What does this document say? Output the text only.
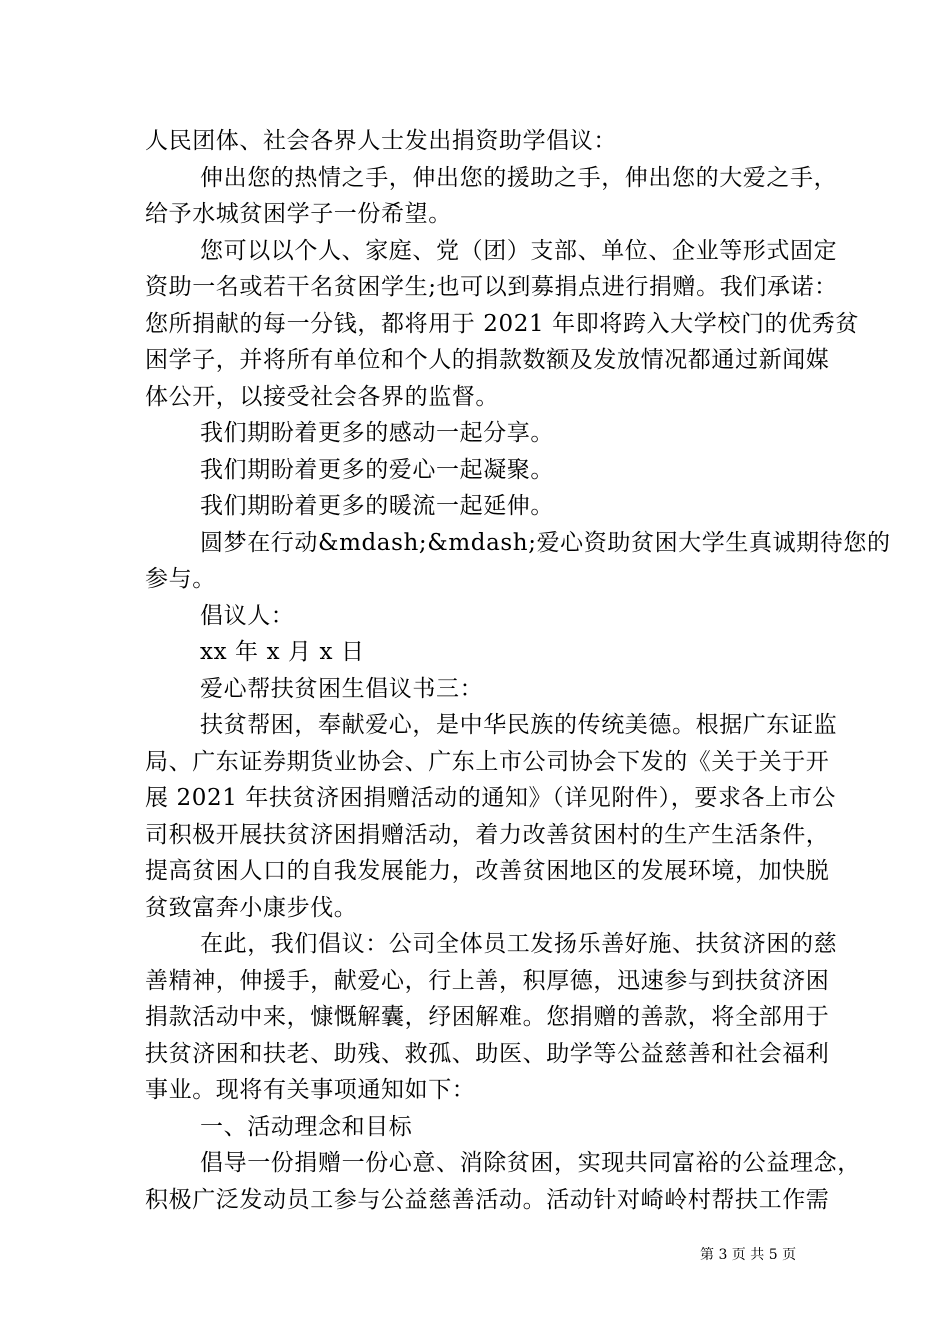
人民团体、社会各界人士发出捐资助学倡议：
伸出您的热情之手，伸出您的援助之手，伸出您的大爱之手，
给予水城贫困学子一份希望。
您可以以个人、家庭、党（团）支部、单位、企业等形式固定
资助一名或若干名贫困学生;也可以到募捐点进行捐赠。我们承诺：
您所捐献的每一分钱，都将用于 2021 年即将跨入大学校门的优秀贫
困学子，并将所有单位和个人的捐款数额及发放情况都通过新闻媒
体公开，以接受社会各界的监督。
我们期盼着更多的感动一起分享。
我们期盼着更多的爱心一起凝聚。
我们期盼着更多的暖流一起延伸。
圆梦在行动&mdash;&mdash;爱心资助贫困大学生真诚期待您的
参与。
倡议人：
xx 年 x 月 x 日
爱心帮扶贫困生倡议书三：
扶贫帮困，奉献爱心，是中华民族的传统美德。根据广东证监
局、广东证券期货业协会、广东上市公司协会下发的《关于关于开
展 2021 年扶贫济困捐赠活动的通知》（详见附件），要求各上市公
司积极开展扶贫济困捐赠活动，着力改善贫困村的生产生活条件，
提高贫困人口的自我发展能力，改善贫困地区的发展环境，加快脱
贫致富奔小康步伐。
在此，我们倡议：公司全体员工发扬乐善好施、扶贫济困的慈
善精神，伸援手，献爱心，行上善，积厚德，迅速参与到扶贫济困
捐款活动中来，慷慨解囊，纾困解难。您捐赠的善款，将全部用于
扶贫济困和扶老、助残、救孤、助医、助学等公益慈善和社会福利
事业。现将有关事项通知如下：
一、活动理念和目标
倡导一份捐赠一份心意、消除贫困，实现共同富裕的公益理念，
积极广泛发动员工参与公益慈善活动。活动针对崎岭村帮扶工作需
第 3 页 共 5 页
